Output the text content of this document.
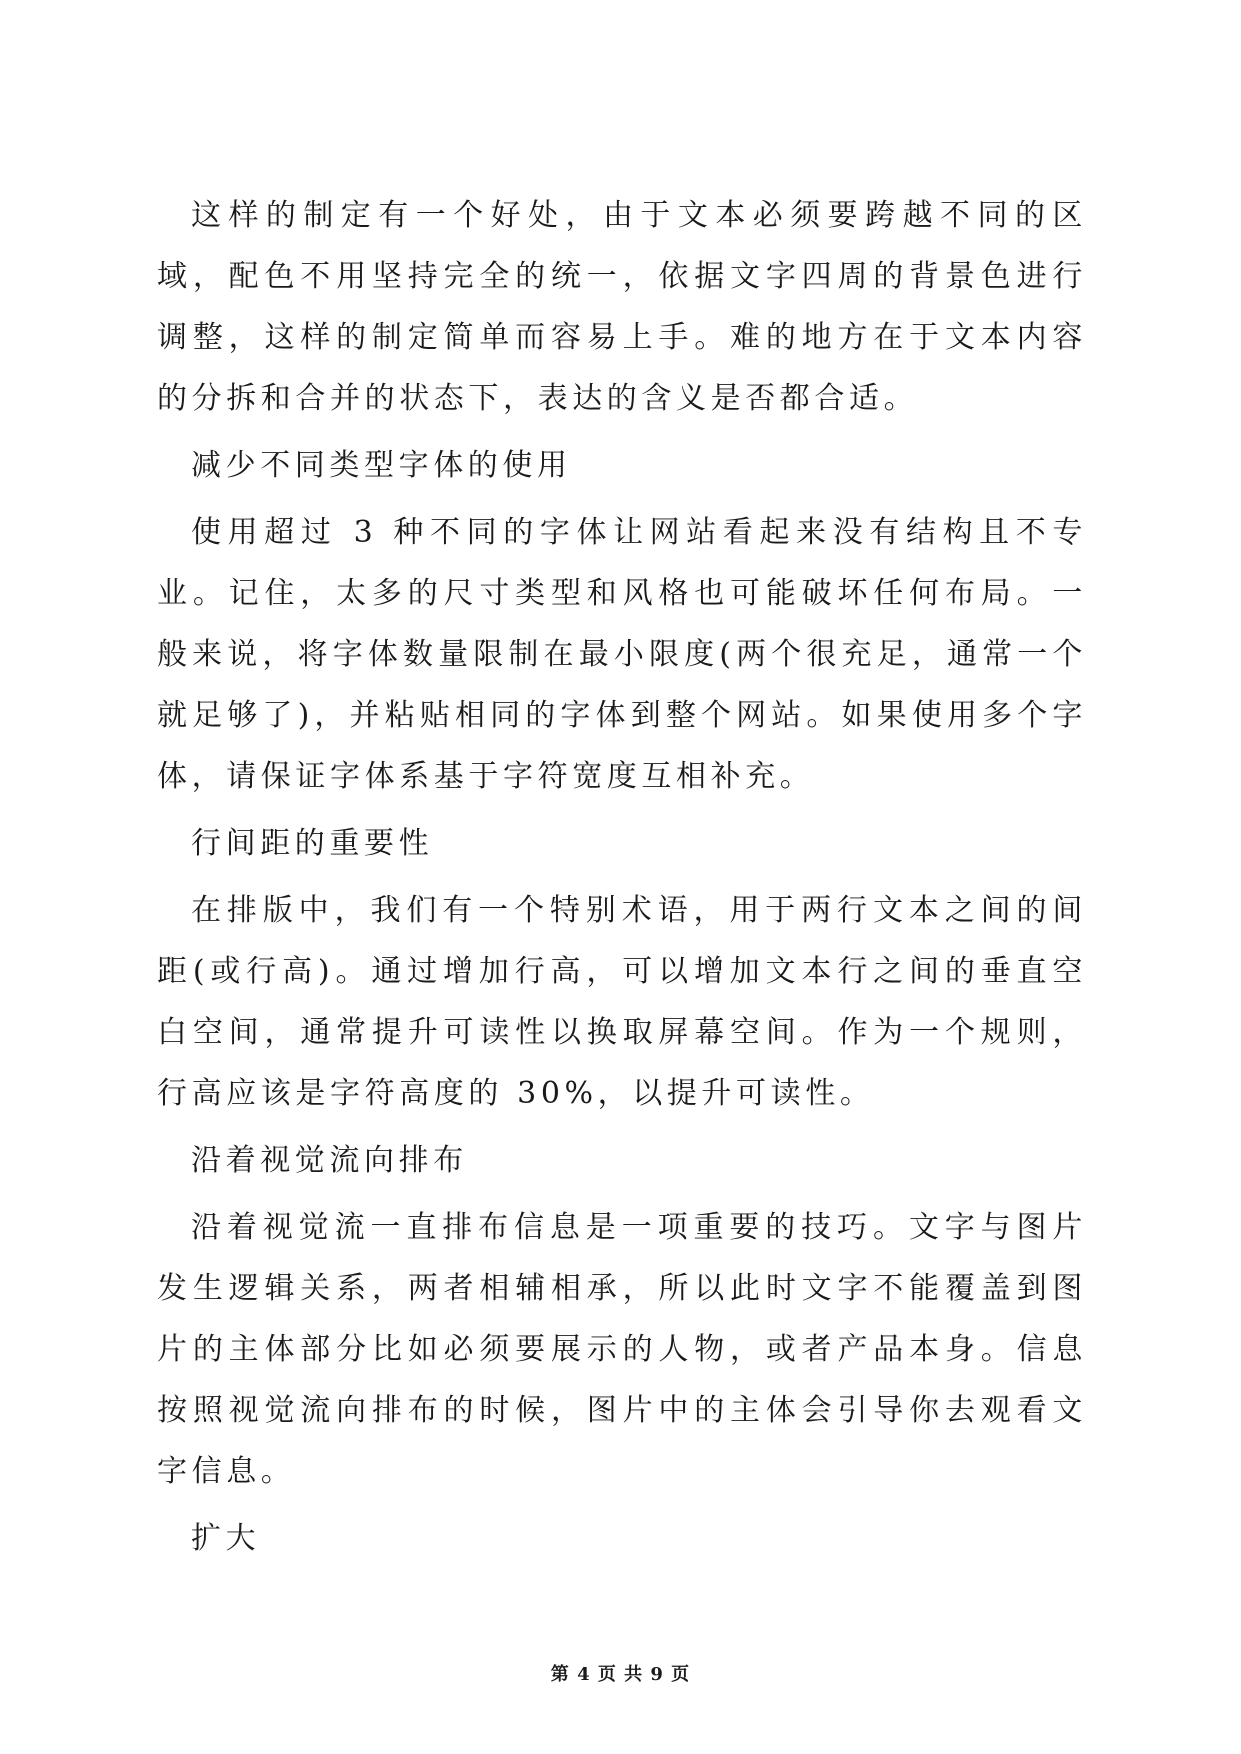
这样的制定有一个好处，由于文本必须要跨越不同的区域，配色不用坚持完全的统一，依据文字四周的背景色进行调整，这样的制定简单而容易上手。难的地方在于文本内容的分拆和合并的状态下，表达的含义是否都合适。

减少不同类型字体的使用

使用超过 3 种不同的字体让网站看起来没有结构且不专业。记住，太多的尺寸类型和风格也可能破坏任何布局。一般来说，将字体数量限制在最小限度(两个很充足，通常一个就足够了)，并粘贴相同的字体到整个网站。如果使用多个字体，请保证字体系基于字符宽度互相补充。

行间距的重要性

在排版中，我们有一个特别术语，用于两行文本之间的间距(或行高)。通过增加行高，可以增加文本行之间的垂直空白空间，通常提升可读性以换取屏幕空间。作为一个规则，行高应该是字符高度的 30%，以提升可读性。

沿着视觉流向排布

沿着视觉流一直排布信息是一项重要的技巧。文字与图片发生逻辑关系，两者相辅相承，所以此时文字不能覆盖到图片的主体部分比如必须要展示的人物，或者产品本身。信息按照视觉流向排布的时候，图片中的主体会引导你去观看文字信息。

扩大

第 4 页 共 9 页
